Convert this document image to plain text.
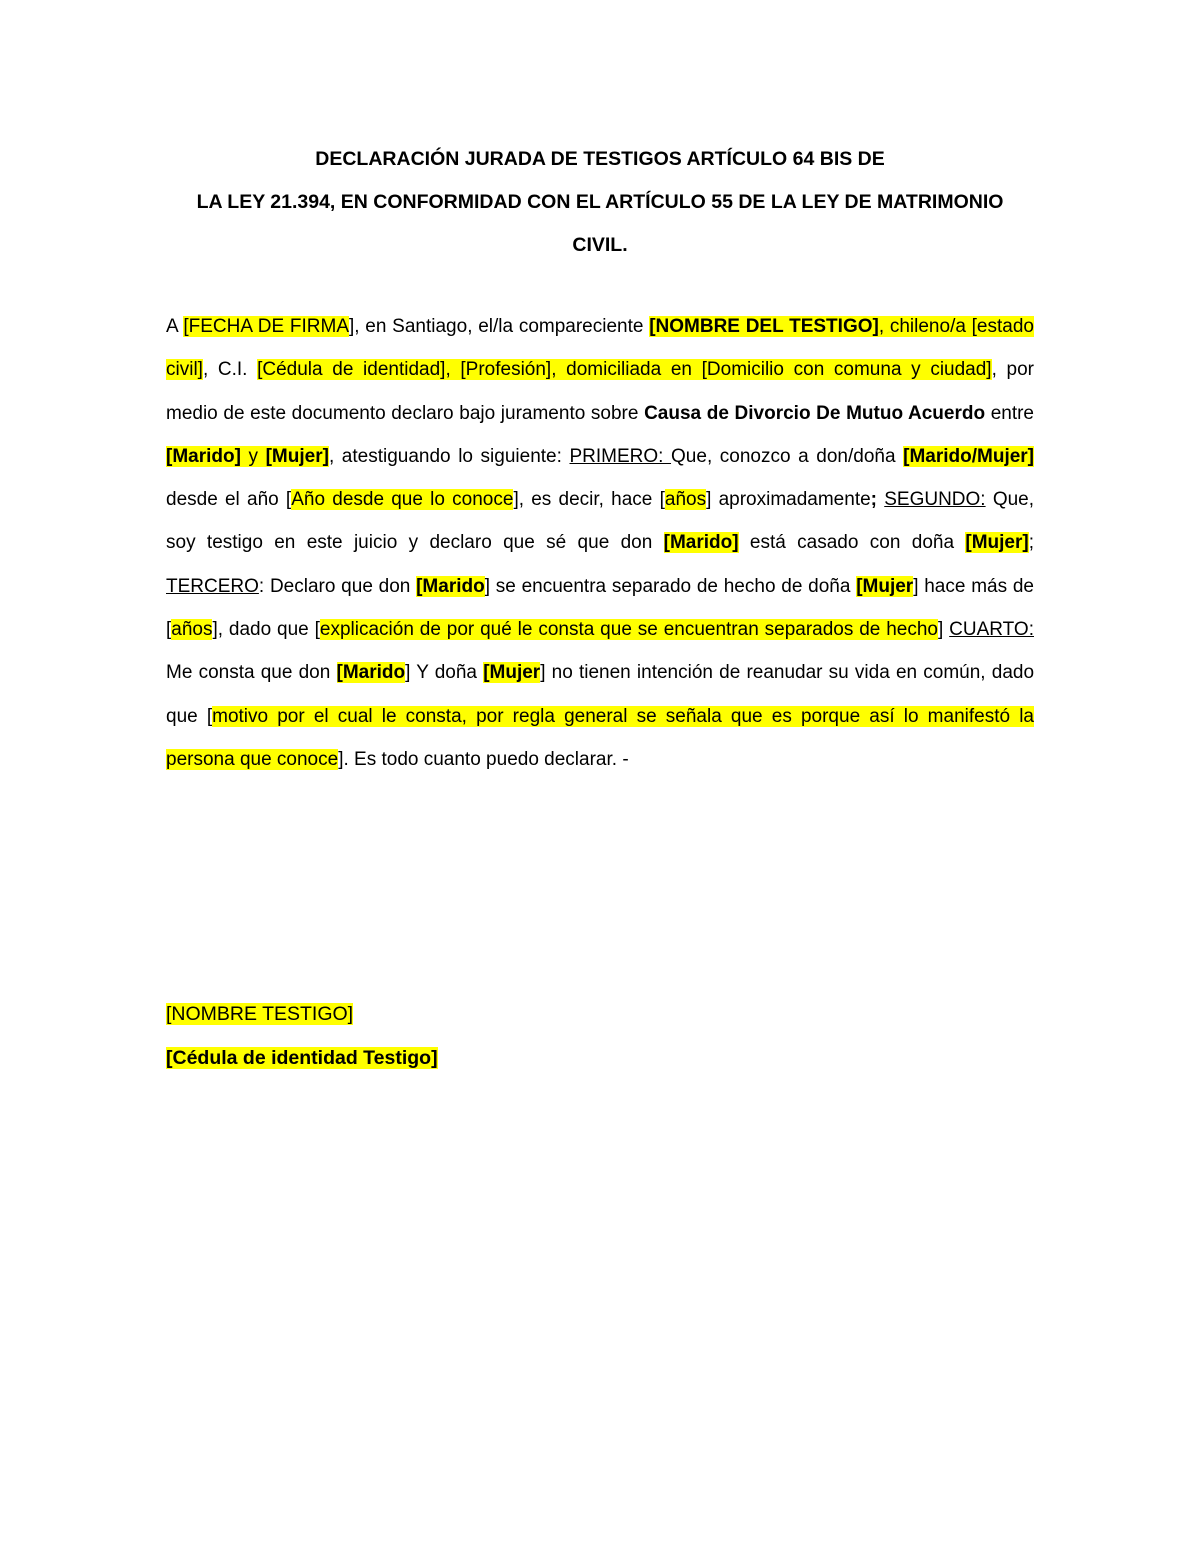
DECLARACIÓN JURADA DE TESTIGOS ARTÍCULO 64 BIS DE
LA LEY 21.394, EN CONFORMIDAD CON EL ARTÍCULO 55 DE LA LEY DE MATRIMONIO
CIVIL.

A [FECHA DE FIRMA], en Santiago, el/la compareciente [NOMBRE DEL TESTIGO], chileno/a [estado civil], C.I. [Cédula de identidad], [Profesión], domiciliada en [Domicilio con comuna y ciudad], por medio de este documento declaro bajo juramento sobre Causa de Divorcio De Mutuo Acuerdo entre [Marido] y [Mujer], atestiguando lo siguiente: PRIMERO: Que, conozco a don/doña [Marido/Mujer] desde el año [Año desde que lo conoce], es decir, hace [años] aproximadamente; SEGUNDO: Que, soy testigo en este juicio y declaro que sé que don [Marido] está casado con doña [Mujer]; TERCERO: Declaro que don [Marido] se encuentra separado de hecho de doña [Mujer] hace más de [años], dado que [explicación de por qué le consta que se encuentran separados de hecho] CUARTO: Me consta que don [Marido] Y doña [Mujer] no tienen intención de reanudar su vida en común, dado que [motivo por el cual le consta, por regla general se señala que es porque así lo manifestó la persona que conoce]. Es todo cuanto puedo declarar. -

[NOMBRE TESTIGO]
[Cédula de identidad Testigo]
